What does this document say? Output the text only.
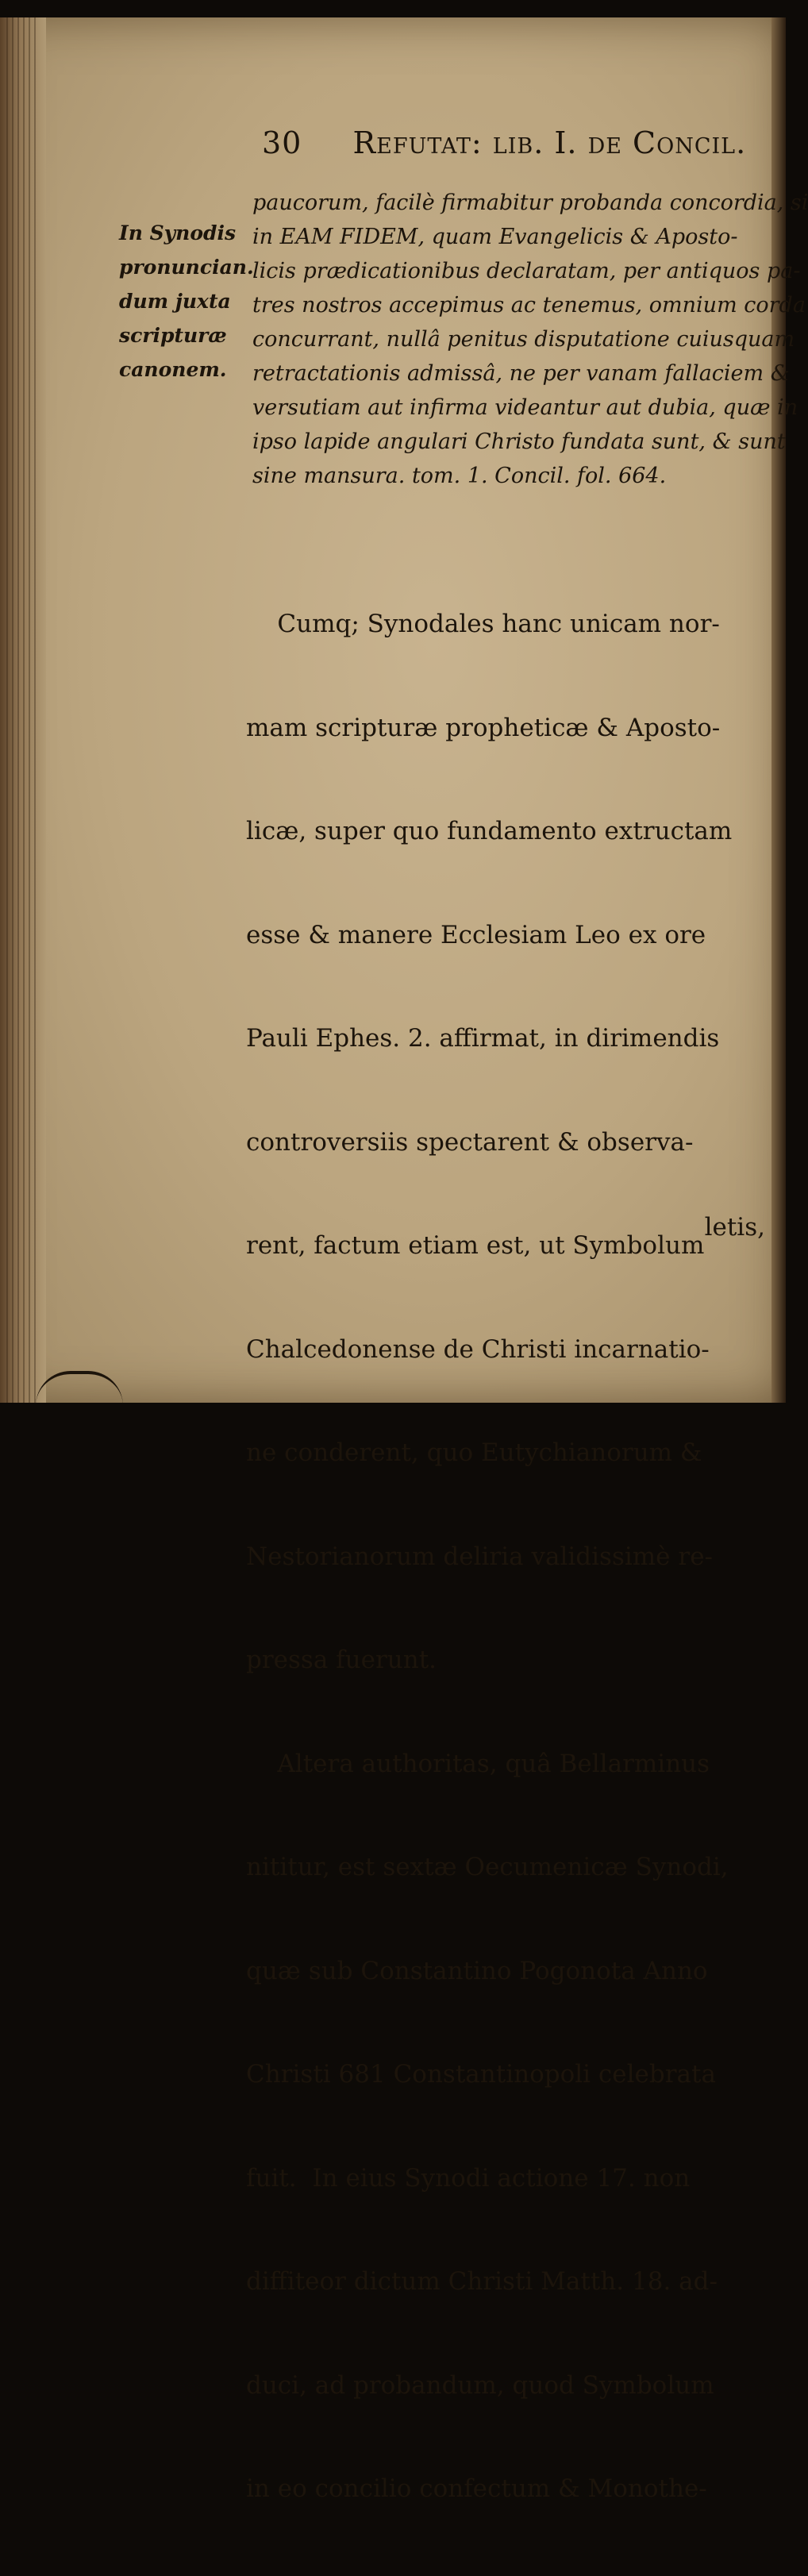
30 Refutat: lib. I. de Concil.
In Synodis
pronuncian.
dum juxta
scripturæ
canonem.
paucorum, facilè firmabitur probanda concordia, si
in EAM FIDEM, quam Evangelicis & Aposto-
licis prædicationibus declaratam, per antiquos pa-
tres nostros accepimus ac tenemus, omnium corda
concurrant, nullâ penitus disputatione cuiusquam
retractationis admissâ, ne per vanam fallaciem &
versutiam aut infirma videantur aut dubia, quæ in
ipso lapide angulari Christo fundata sunt, & sunt
sine mansura. tom. 1. Concil. fol. 664.

Cumq; Synodales hanc unicam nor-

mam scripturæ propheticæ & Aposto-

licæ, super quo fundamento extructam

esse & manere Ecclesiam Leo ex ore

Pauli Ephes. 2. affirmat, in dirimendis

controversiis spectarent & observa-

rent, factum etiam est, ut Symbolum

Chalcedonense de Christi incarnatio-

ne conderent, quo Eutychianorum &

Nestorianorum deliria validissimè re-

pressa fuerunt.

Altera authoritas, quâ Bellarminus

nititur, est sextæ Oecumenicæ Synodi,

quæ sub Constantino Pogonota Anno

Christi 681 Constantinopoli celebrata

fuit.  In eius Synodi actione 17. non

diffiteor dictum Christi Matth. 18. ad-

duci, ad probandum, quod Symbolum

in eo concilio confectum & Monothe-

letis,
